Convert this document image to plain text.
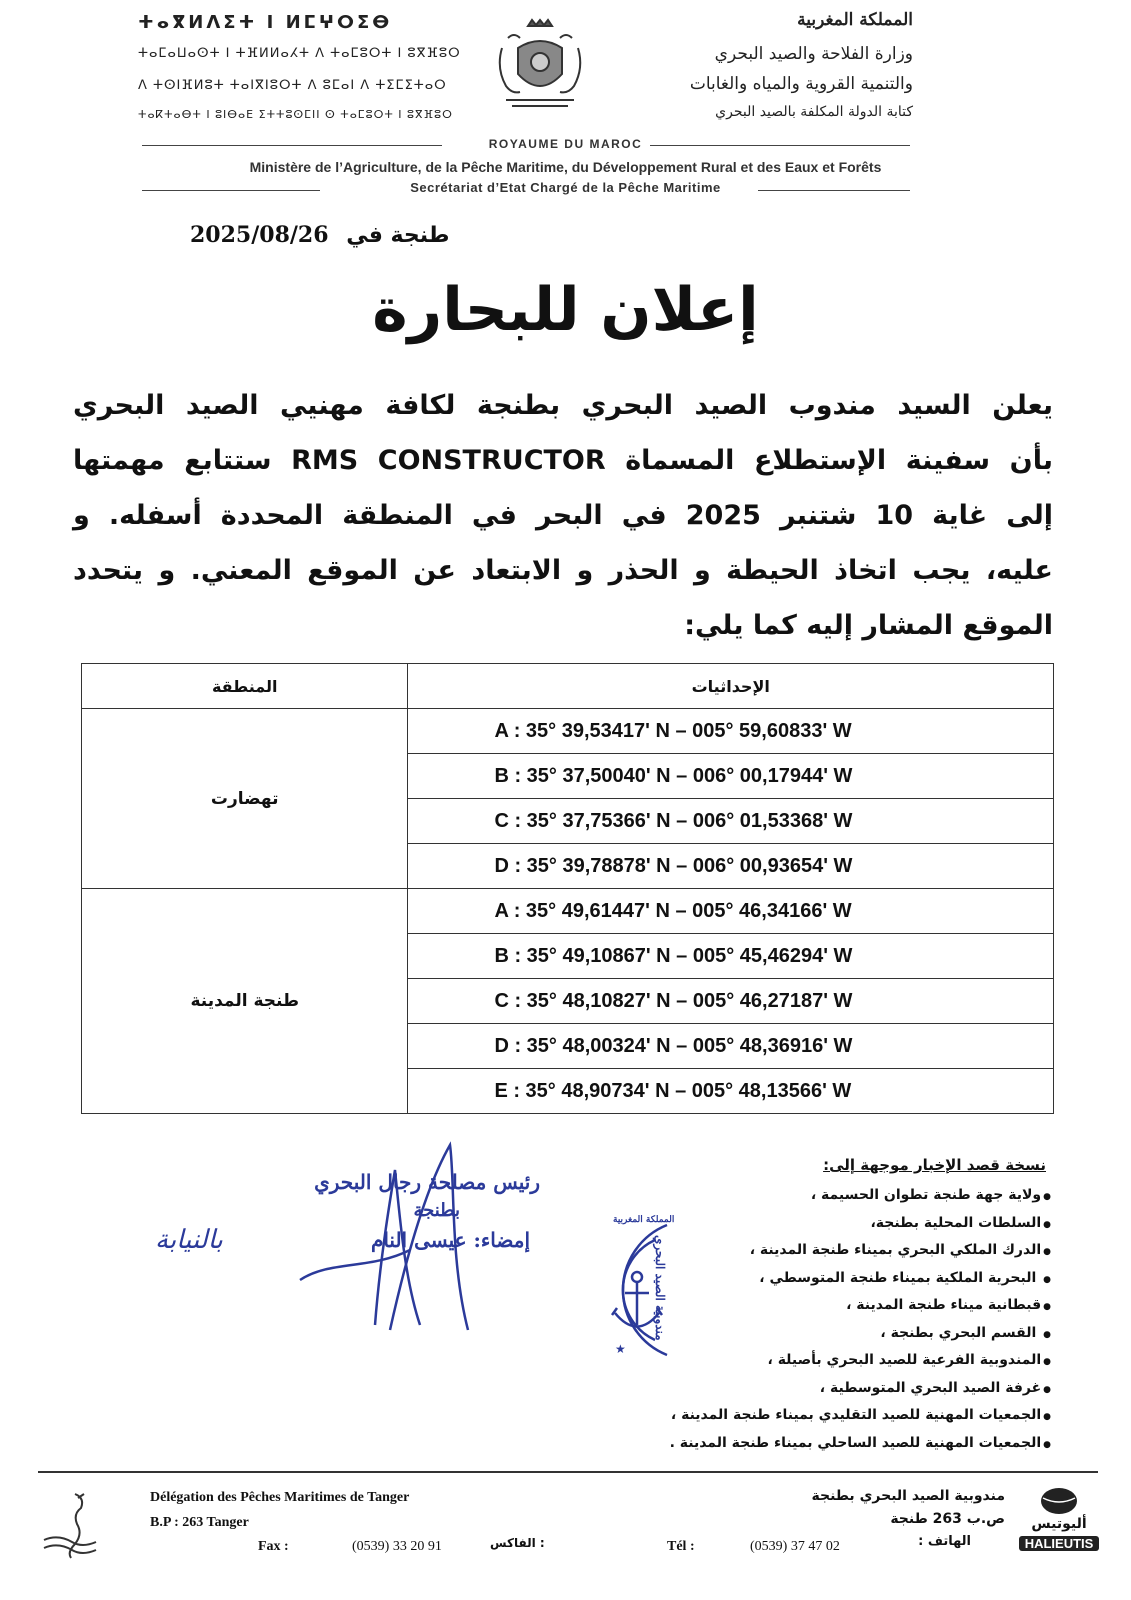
ⵜⴰⴳⵍⴷⵉⵜ ⵏ ⵍⵎⵖⵔⵉⴱ
ⵜⴰⵎⴰⵡⴰⵙⵜ ⵏ ⵜⴼⵍⵍⴰⵃⵜ ⴷ ⵜⴰⵎⵓⵔⵜ ⵏ ⵓⴳⴼⵓⵔ
ⴷ ⵜⵙⵏⴼⵍⵓⵜ ⵜⴰⵏⴳⵏⵓⵔⵜ ⴷ ⵓⵎⴰⵏ ⴷ ⵜⵉⵎⵉⵜⴰⵔ
ⵜⴰⴽⵜⴰⴱⵜ ⵏ ⵓⵏⴱⴰⴹ ⵉⵜⵜⵓⵙⵎⵏⵏ ⵙ ⵜⴰⵎⵓⵔⵜ ⵏ ⵓⴳⴼⵓⵔ
المملكة المغربية
وزارة الفلاحة والصيد البحري
والتنمية القروية والمياه والغابات
كتابة الدولة المكلفة بالصيد البحري
ROYAUME DU MAROC
Ministère de l’Agriculture, de la Pêche Maritime, du Développement Rural et des Eaux et Forêts
Secrétariat d’Etat Chargé de la Pêche Maritime
2025/08/26 طنجة في
إعلان للبحارة
يعلن السيد مندوب الصيد البحري بطنجة لكافة مهنيي الصيد البحري
بأن سفينة الإستطلاع المسماة RMS CONSTRUCTOR ستتابع مهمتها
إلى غاية 10 شتنبر 2025 في البحر في المنطقة المحددة أسفله. و
عليه، يجب اتخاذ الحيطة و الحذر و الابتعاد عن الموقع المعني. و يتحدد
الموقع المشار إليه كما يلي:
المنطقة	الإحداثيات
تهضارت	A : 35° 39,53417' N – 005° 59,60833' W
	B : 35° 37,50040' N – 006° 00,17944' W
	C : 35° 37,75366' N – 006° 01,53368' W
	D : 35° 39,78878' N – 006° 00,93654' W
طنجة المدينة	A : 35° 49,61447' N – 005° 46,34166' W
	B : 35° 49,10867' N – 005° 45,46294' W
	C : 35° 48,10827' N – 005° 46,27187' W
	D : 35° 48,00324' N – 005° 48,36916' W
	E : 35° 48,90734' N – 005° 48,13566' W
نسخة قصد الإخبار موجهة إلى:
● ولاية جهة طنجة تطوان الحسيمة ،
● السلطات المحلية بطنجة،
● الدرك الملكي البحري بميناء طنجة المدينة ،
● البحرية الملكية بميناء طنجة المتوسطي ،
● قبطانية ميناء طنجة المدينة ،
● القسم البحري بطنجة ،
● المندوبية الفرعية للصيد البحري بأصيلة ،
● غرفة الصيد البحري المتوسطية ،
● الجمعيات المهنية للصيد التقليدي بميناء طنجة المدينة ،
● الجمعيات المهنية للصيد الساحلي بميناء طنجة المدينة .
رئيس مصلحة رجال البحري
بطنجة
إمضاء: عيسى النام
بالنيابة
★
مندوبية الصيد البحري
المملكة المغربية
Délégation des Pêches Maritimes de Tanger
B.P : 263 Tanger
Fax :	(0539) 33 20 91	: الفاكس	Tél :	(0539) 37 47 02
مندوبية الصيد البحري بطنجة
ص.ب 263 طنجة
الهاتف :
أليوتيس
HALIEUTIS
